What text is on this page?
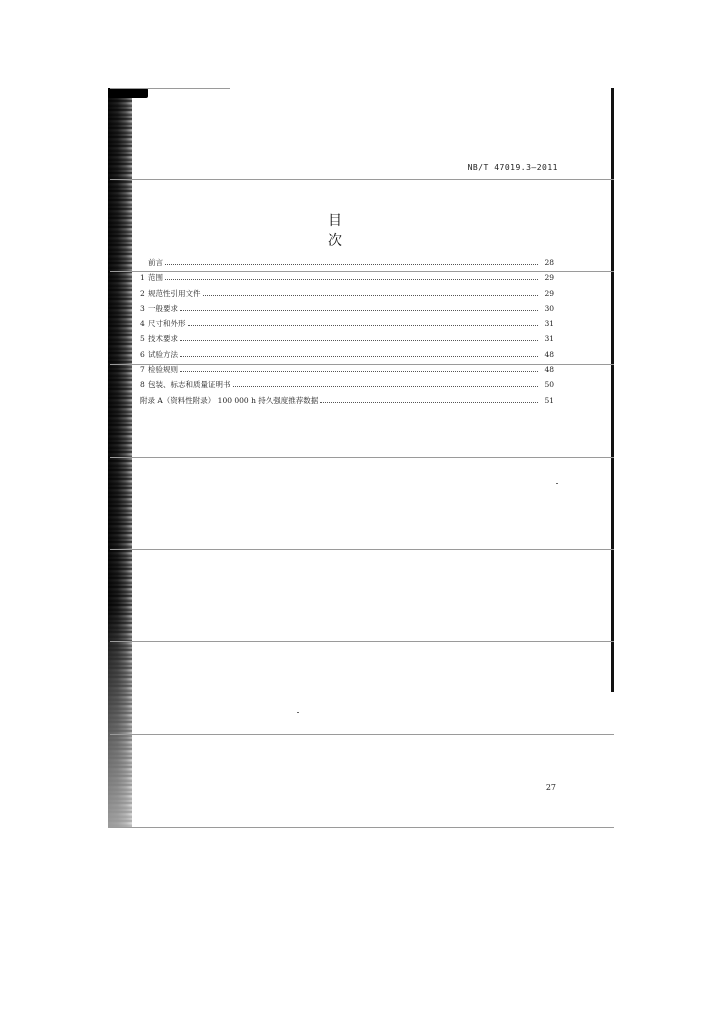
NB/T 47019.3—2011
目 次
前言	28
1 范围	29
2 规范性引用文件	29
3 一般要求	30
4 尺寸和外形	31
5 技术要求	31
6 试验方法	48
7 检验规则	48
8 包装、标志和质量证明书	50
附录 A（资料性附录） 100 000 h 持久强度推荐数据	51
27
